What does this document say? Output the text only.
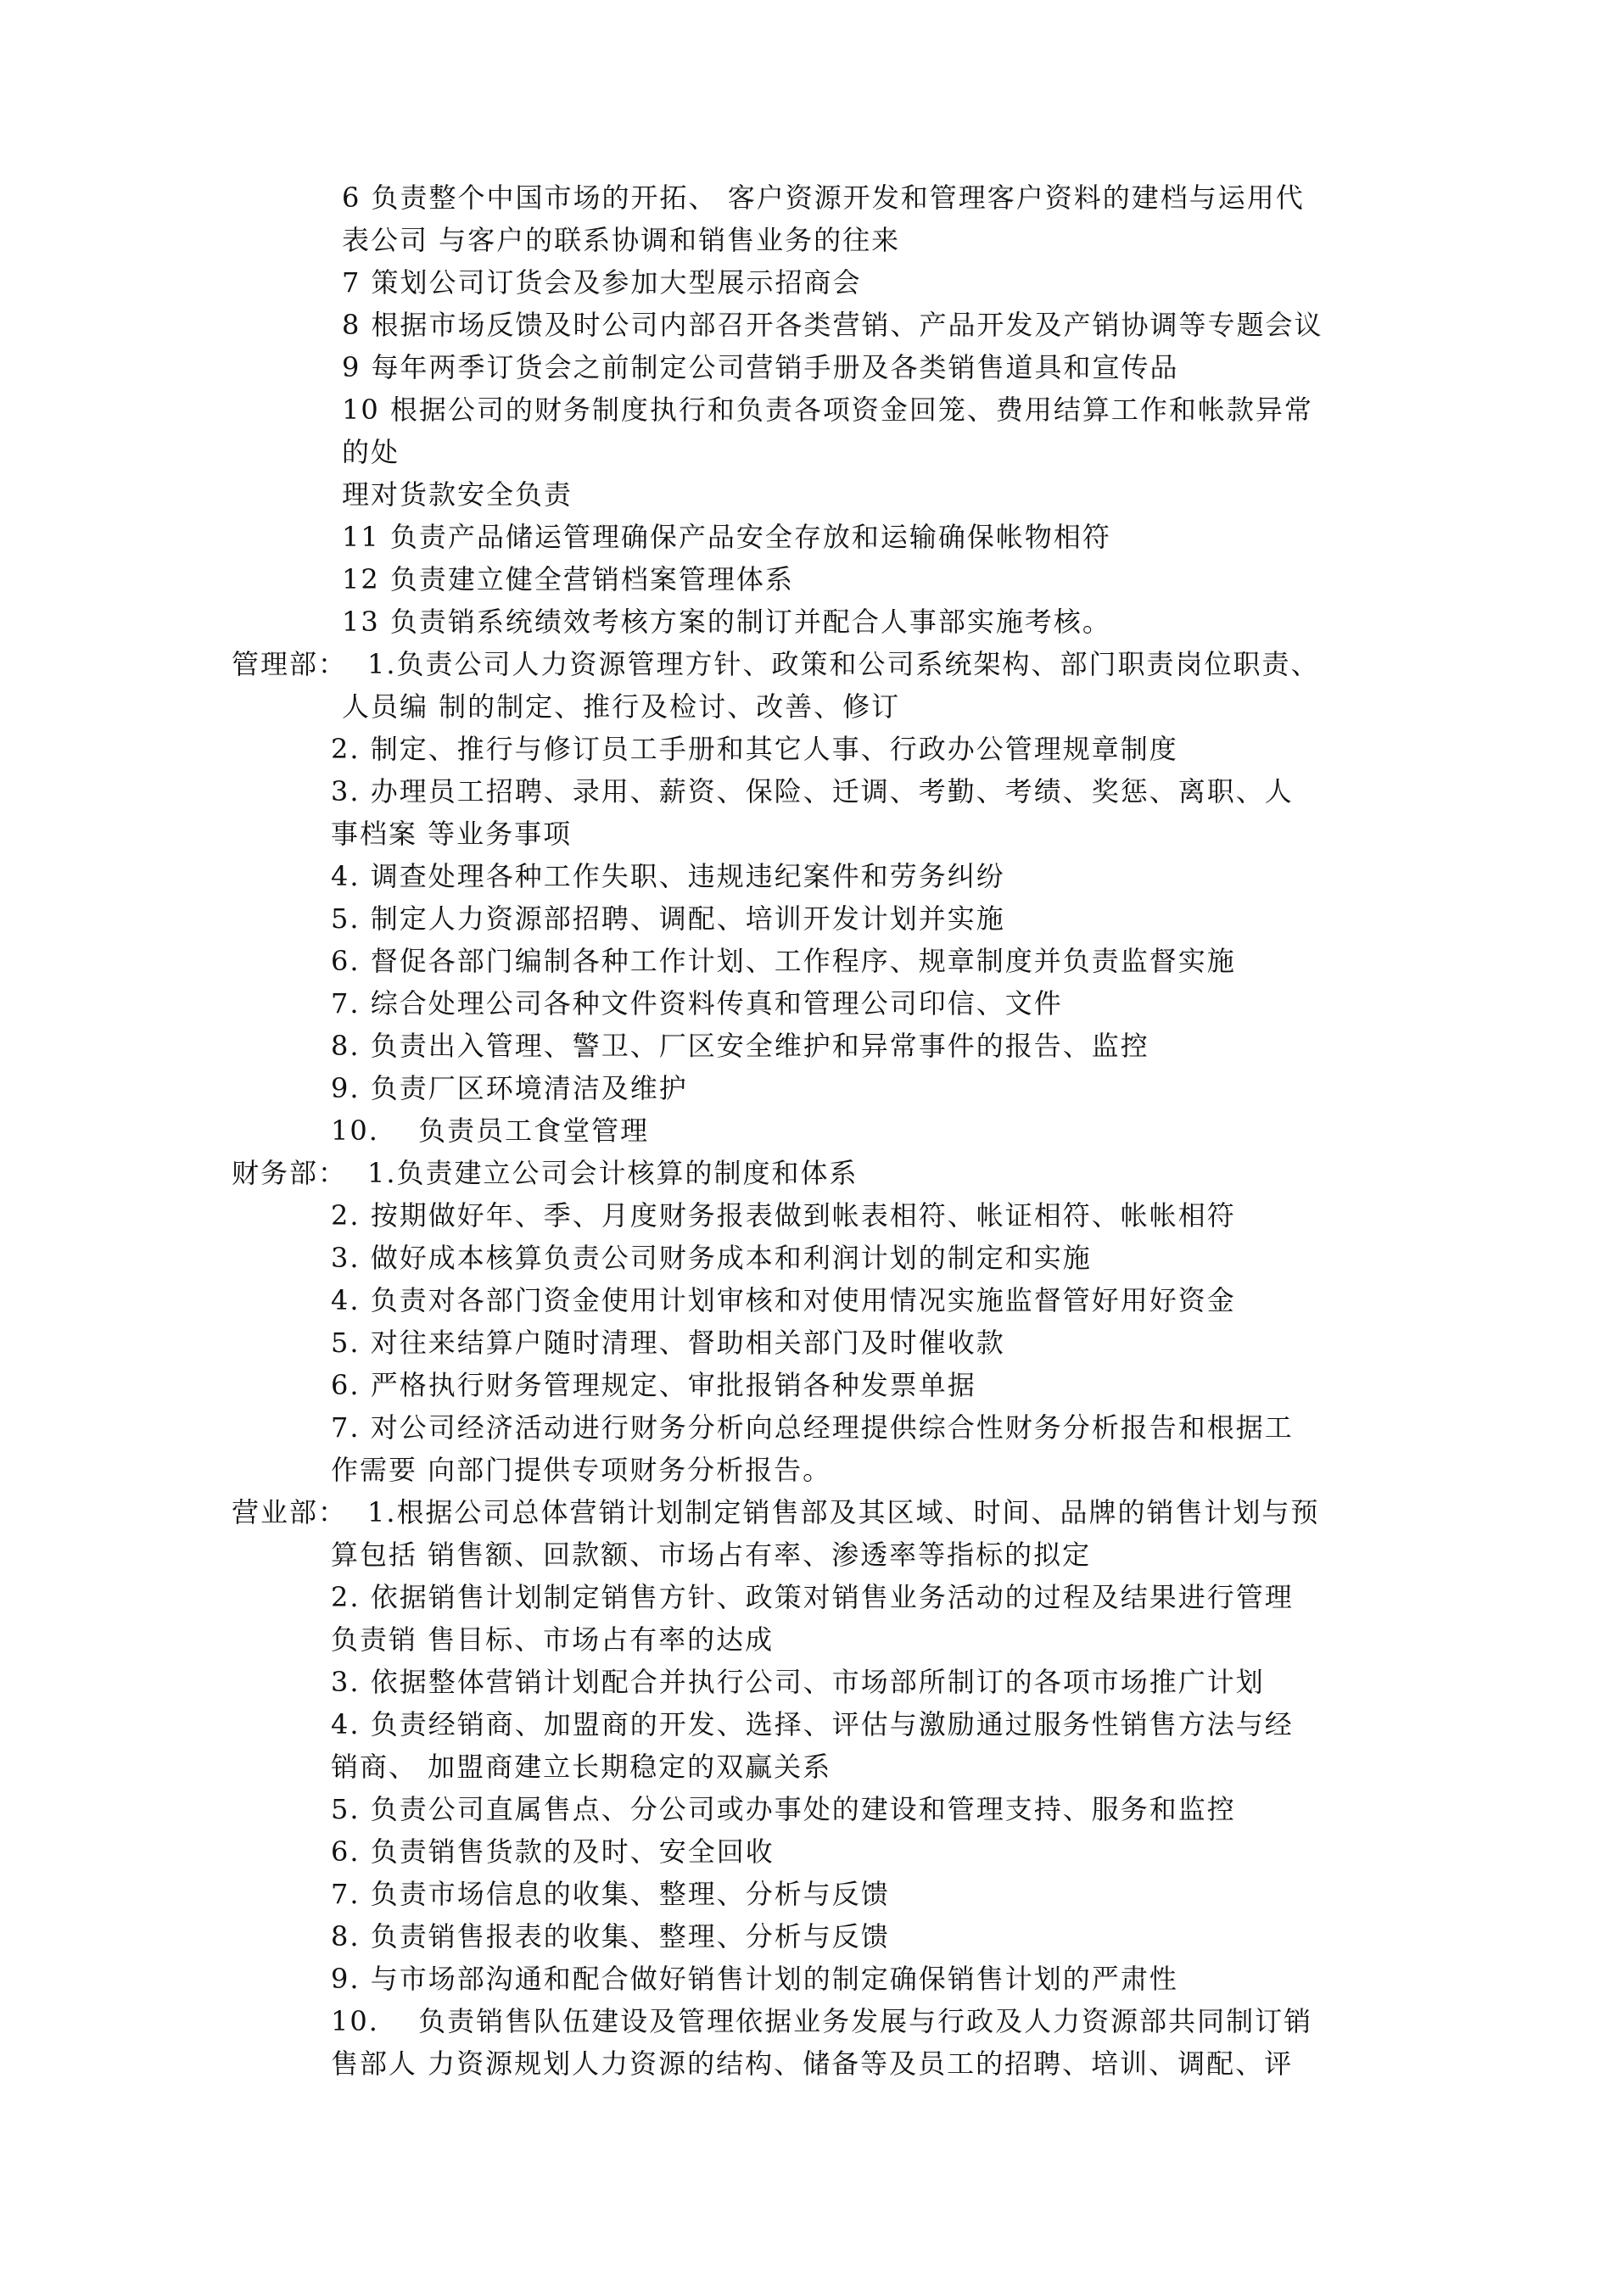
6 负责整个中国市场的开拓、 客户资源开发和管理客户资料的建档与运用代
表公司 与客户的联系协调和销售业务的往来
7 策划公司订货会及参加大型展示招商会
8 根据市场反馈及时公司内部召开各类营销、产品开发及产销协调等专题会议
9 每年两季订货会之前制定公司营销手册及各类销售道具和宣传品
10 根据公司的财务制度执行和负责各项资金回笼、费用结算工作和帐款异常
的处
理对货款安全负责
11 负责产品储运管理确保产品安全存放和运输确保帐物相符
12 负责建立健全营销档案管理体系
13 负责销系统绩效考核方案的制订并配合人事部实施考核。
管理部： 1.负责公司人力资源管理方针、政策和公司系统架构、部门职责岗位职责、
人员编 制的制定、推行及检讨、改善、修订
2. 制定、推行与修订员工手册和其它人事、行政办公管理规章制度
3. 办理员工招聘、录用、薪资、保险、迁调、考勤、考绩、奖惩、离职、人
事档案 等业务事项
4. 调查处理各种工作失职、违规违纪案件和劳务纠纷
5. 制定人力资源部招聘、调配、培训开发计划并实施
6. 督促各部门编制各种工作计划、工作程序、规章制度并负责监督实施
7. 综合处理公司各种文件资料传真和管理公司印信、文件
8. 负责出入管理、警卫、厂区安全维护和异常事件的报告、监控
9. 负责厂区环境清洁及维护
10.　 负责员工食堂管理
财务部： 1.负责建立公司会计核算的制度和体系
2. 按期做好年、季、月度财务报表做到帐表相符、帐证相符、帐帐相符
3. 做好成本核算负责公司财务成本和利润计划的制定和实施
4. 负责对各部门资金使用计划审核和对使用情况实施监督管好用好资金
5. 对往来结算户随时清理、督助相关部门及时催收款
6. 严格执行财务管理规定、审批报销各种发票单据
7. 对公司经济活动进行财务分析向总经理提供综合性财务分析报告和根据工
作需要 向部门提供专项财务分析报告。
营业部： 1.根据公司总体营销计划制定销售部及其区域、时间、品牌的销售计划与预
算包括 销售额、回款额、市场占有率、渗透率等指标的拟定
2. 依据销售计划制定销售方针、政策对销售业务活动的过程及结果进行管理
负责销 售目标、市场占有率的达成
3. 依据整体营销计划配合并执行公司、市场部所制订的各项市场推广计划
4. 负责经销商、加盟商的开发、选择、评估与激励通过服务性销售方法与经
销商、 加盟商建立长期稳定的双赢关系
5. 负责公司直属售点、分公司或办事处的建设和管理支持、服务和监控
6. 负责销售货款的及时、安全回收
7. 负责市场信息的收集、整理、分析与反馈
8. 负责销售报表的收集、整理、分析与反馈
9. 与市场部沟通和配合做好销售计划的制定确保销售计划的严肃性
10.　 负责销售队伍建设及管理依据业务发展与行政及人力资源部共同制订销
售部人 力资源规划人力资源的结构、储备等及员工的招聘、培训、调配、评
